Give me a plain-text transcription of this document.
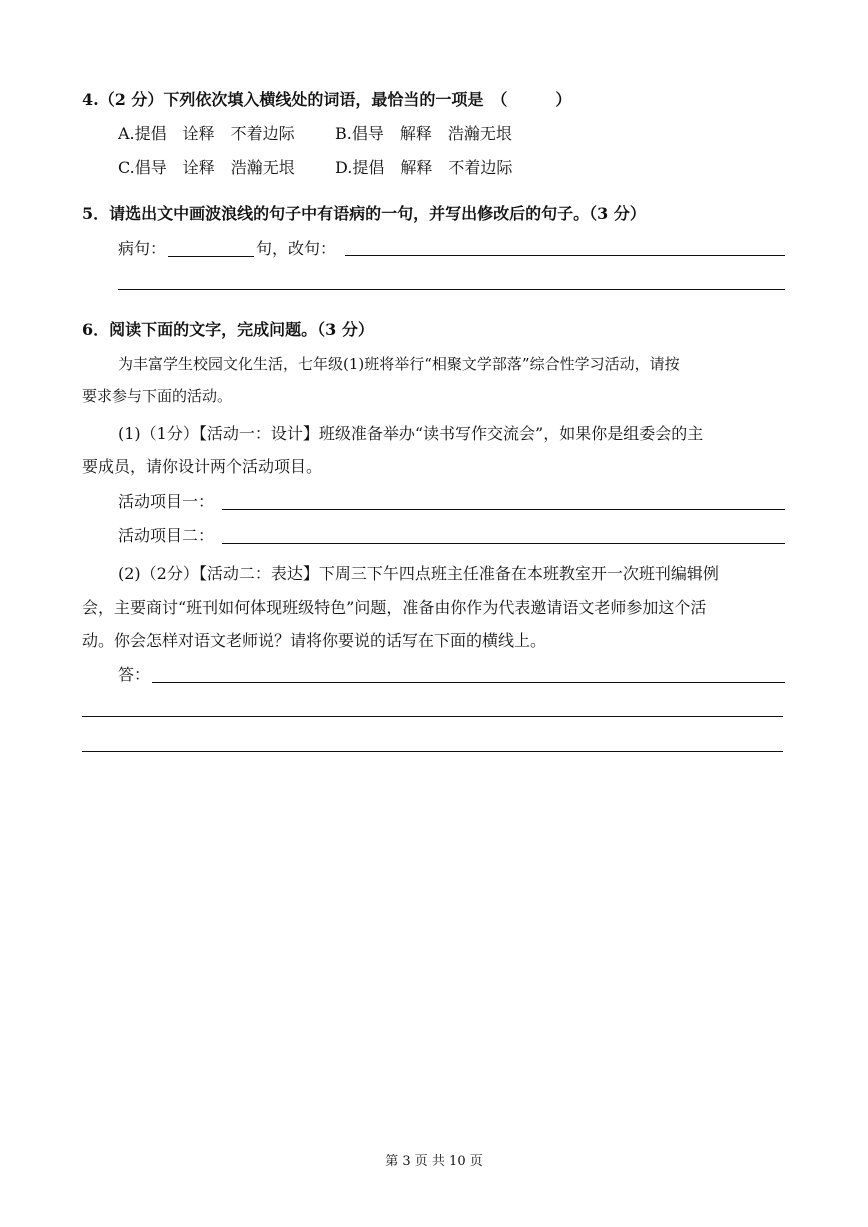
4.（2 分）下列依次填入横线处的词语，最恰当的一项是　（　　　）
A.提倡　诠释　不着边际	B.倡导　解释　浩瀚无垠
C.倡导　诠释　浩瀚无垠	D.提倡　解释　不着边际
5．请选出文中画波浪线的句子中有语病的一句，并写出修改后的句子。（3 分）
病句：	句，改句：
6．阅读下面的文字，完成问题。（3 分）
为丰富学生校园文化生活，七年级(1)班将举行“相聚文学部落”综合性学习活动，请按
要求参与下面的活动。
(1)（1分）【活动一：设计】班级准备举办“读书写作交流会”，如果你是组委会的主
要成员，请你设计两个活动项目。
活动项目一：
活动项目二：
(2)（2分）【活动二：表达】下周三下午四点班主任准备在本班教室开一次班刊编辑例
会，主要商讨“班刊如何体现班级特色”问题，准备由你作为代表邀请语文老师参加这个活
动。你会怎样对语文老师说？请将你要说的话写在下面的横线上。
答：
第 3 页 共 10 页
